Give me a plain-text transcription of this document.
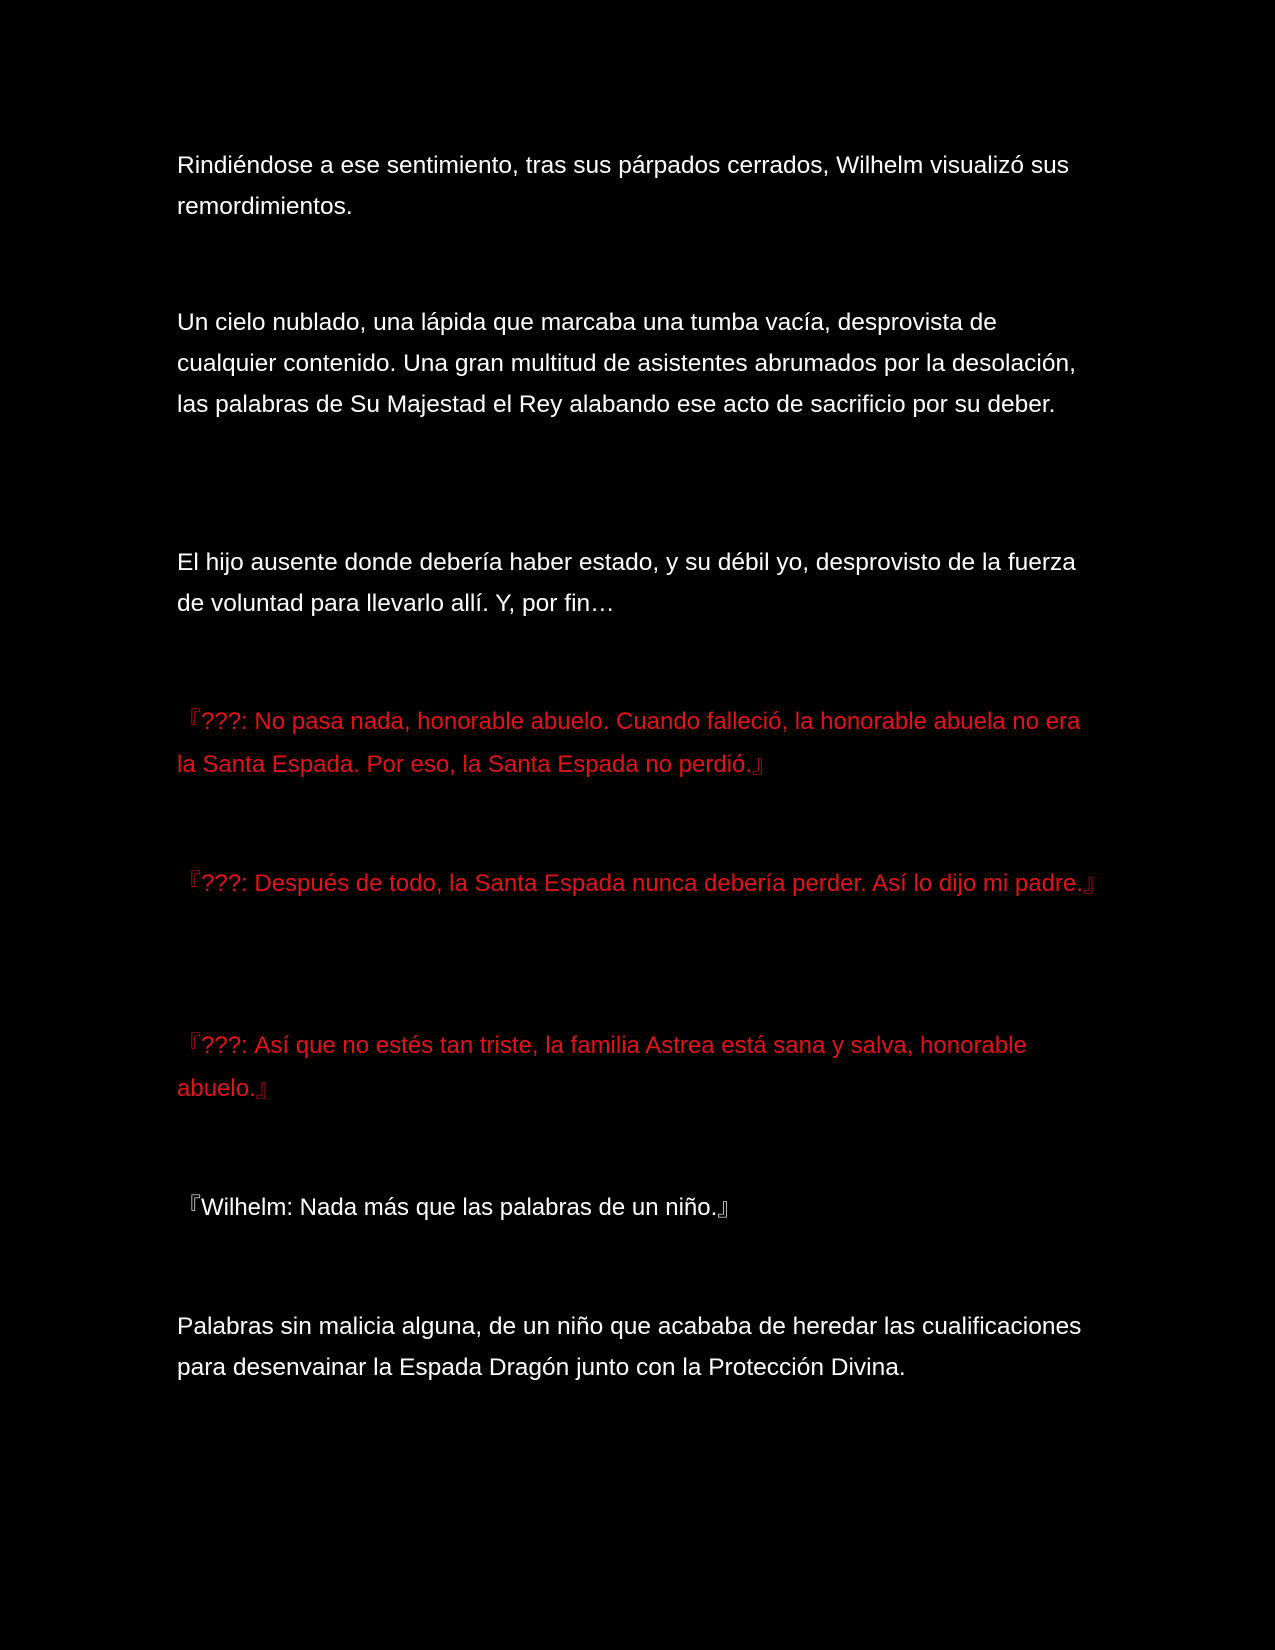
Rindiéndose a ese sentimiento, tras sus párpados cerrados, Wilhelm visualizó sus remordimientos.

Un cielo nublado, una lápida que marcaba una tumba vacía, desprovista de cualquier contenido. Una gran multitud de asistentes abrumados por la desolación, las palabras de Su Majestad el Rey alabando ese acto de sacrificio por su deber.

El hijo ausente donde debería haber estado, y su débil yo, desprovisto de la fuerza de voluntad para llevarlo allí. Y, por fin…

『???: No pasa nada, honorable abuelo. Cuando falleció, la honorable abuela no era la Santa Espada. Por eso, la Santa Espada no perdió.』

『???: Después de todo, la Santa Espada nunca debería perder. Así lo dijo mi padre.』

『???: Así que no estés tan triste, la familia Astrea está sana y salva, honorable abuelo.』

『Wilhelm: Nada más que las palabras de un niño.』

Palabras sin malicia alguna, de un niño que acababa de heredar las cualificaciones para desenvainar la Espada Dragón junto con la Protección Divina.
